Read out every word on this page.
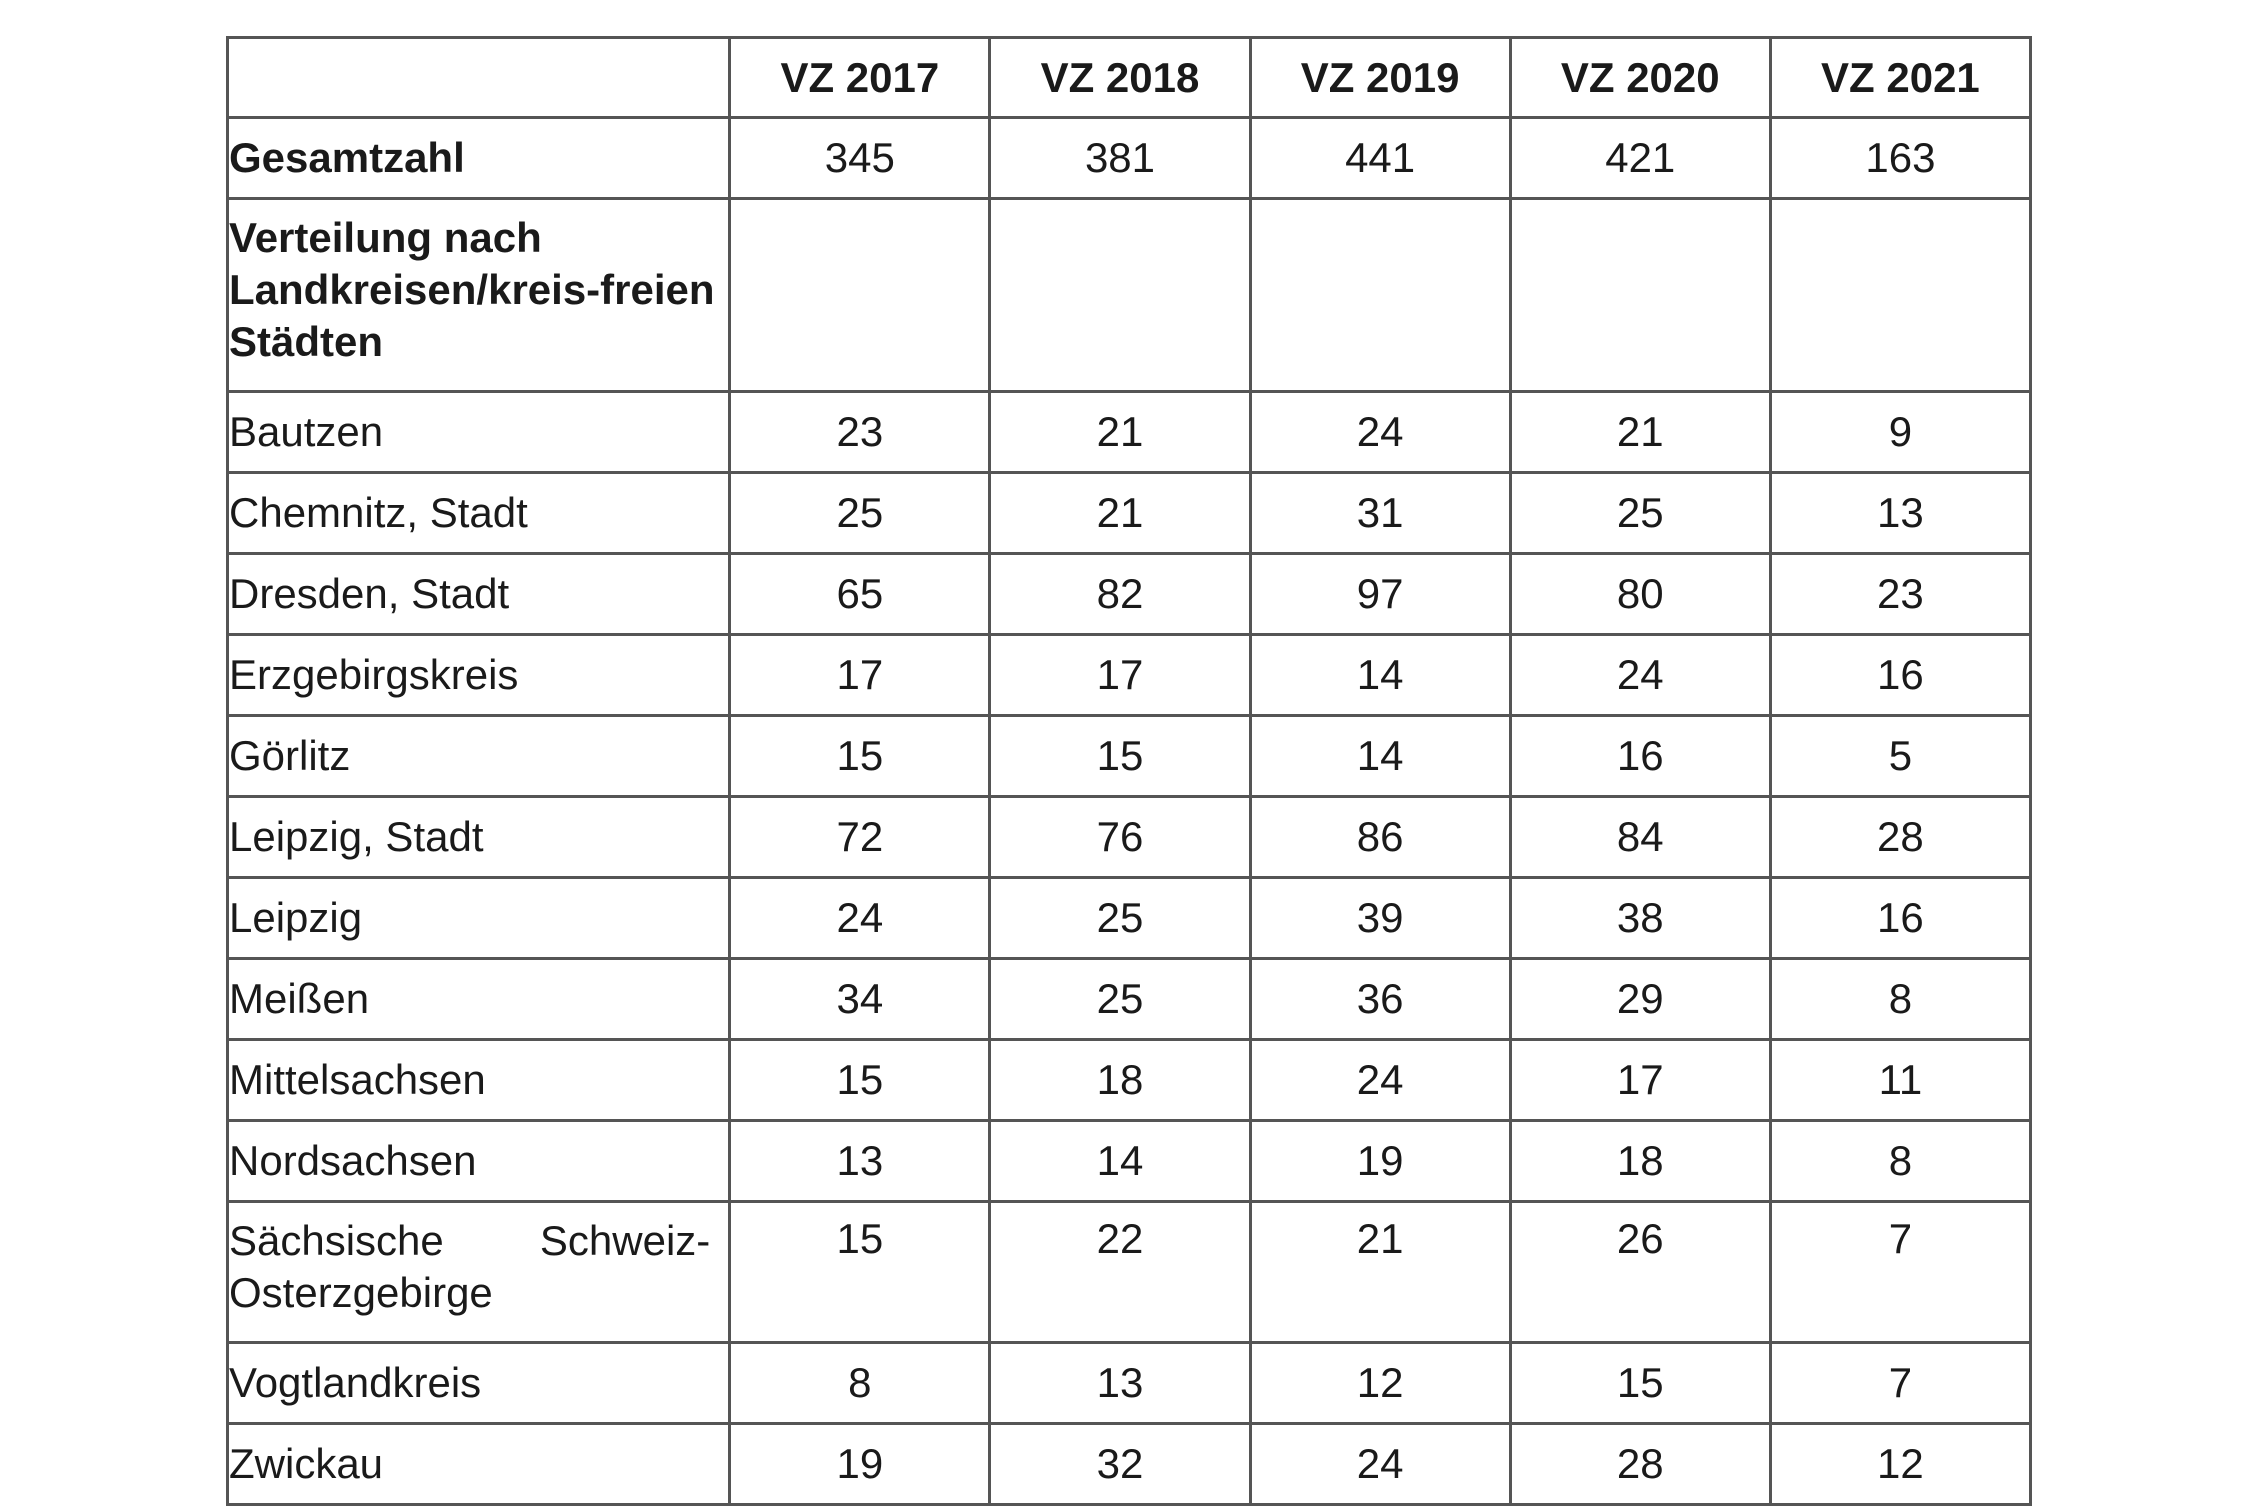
	VZ 2017	VZ 2018	VZ 2019	VZ 2020	VZ 2021
Gesamtzahl	345	381	441	421	163
Verteilung nach Landkreisen/kreis-freien Städten					
Bautzen	23	21	24	21	9
Chemnitz, Stadt	25	21	31	25	13
Dresden, Stadt	65	82	97	80	23
Erzgebirgskreis	17	17	14	24	16
Görlitz	15	15	14	16	5
Leipzig, Stadt	72	76	86	84	28
Leipzig	24	25	39	38	16
Meißen	34	25	36	29	8
Mittelsachsen	15	18	24	17	11
Nordsachsen	13	14	19	18	8
Sächsische Schweiz-Osterzgebirge	15	22	21	26	7
Vogtlandkreis	8	13	12	15	7
Zwickau	19	32	24	28	12
